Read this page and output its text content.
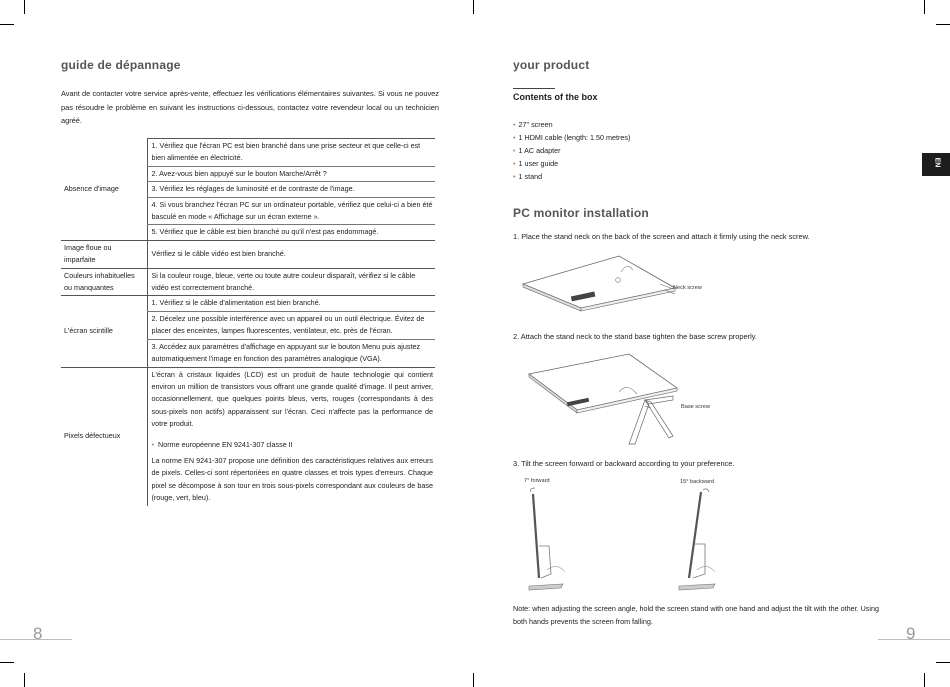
guide de dépannage

Avant de contacter votre service après-vente, effectuez les vérifications élémentaires suivantes. Si vous ne pouvez pas résoudre le problème en suivant les instructions ci-dessous, contactez votre revendeur local ou un technicien agréé.

Absence d'image	1. Vérifiez que l'écran PC est bien branché dans une prise secteur et que celle-ci est bien alimentée en électricité.
	2. Avez-vous bien appuyé sur le bouton Marche/Arrêt ?
	3. Vérifiez les réglages de luminosité et de contraste de l'image.
	4. Si vous branchez l'écran PC sur un ordinateur portable, vérifiez que celui-ci a bien été basculé en mode « Affichage sur un écran externe ».
	5. Vérifiez que le câble est bien branché ou qu'il n'est pas endommagé.
Image floue ou imparfaite	Vérifiez si le câble vidéo est bien branché.
Couleurs inhabituelles ou manquantes	Si la couleur rouge, bleue, verte ou toute autre couleur disparaît, vérifiez si le câble vidéo est correctement branché.
L'écran scintille	1. Vérifiez si le câble d'alimentation est bien branché.
	2. Décelez une possible interférence avec un appareil ou un outil électrique. Évitez de placer des enceintes, lampes fluorescentes, ventilateur, etc. près de l'écran.
	3. Accédez aux paramètres d'affichage en appuyant sur le bouton Menu puis ajustez automatiquement l'image en fonction des paramètres analogique (VGA).
Pixels défectueux	L'écran à cristaux liquides (LCD) est un produit de haute technologie qui contient environ un million de transistors vous offrant une grande qualité d'image. Il peut arriver, occasionnellement, que quelques points bleus, verts, rouges (correspondants à des sous-pixels non actifs) apparaissent sur l'écran. Ceci n'affecte pas la performance de votre produit.
• Norme européenne EN 9241-307 classe II
La norme EN 9241-307 propose une définition des caractéristiques relatives aux erreurs de pixels. Celles-ci sont répertoriées en quatre classes et trois types d'erreurs. Chaque pixel se décompose à son tour en trois sous-pixels correspondant aux couleurs de base (rouge, vert, bleu).
8
your product
Contents of the box
• 27" screen
• 1 HDMI cable (length: 1.50 metres)
• 1 AC adapter
• 1 user guide
• 1 stand
PC monitor installation
1. Place the stand neck on the back of the screen and attach it firmly using the neck screw.
Neck screw
2. Attach the stand neck to the stand base tighten the base screw properly.
Base screw
3. Tilt the screen forward or backward according to your preference.
7° forward	15° backward

Note: when adjusting the screen angle, hold the screen stand with one hand and adjust the tilt with the other. Using both hands prevents the screen from falling.

9
EN
